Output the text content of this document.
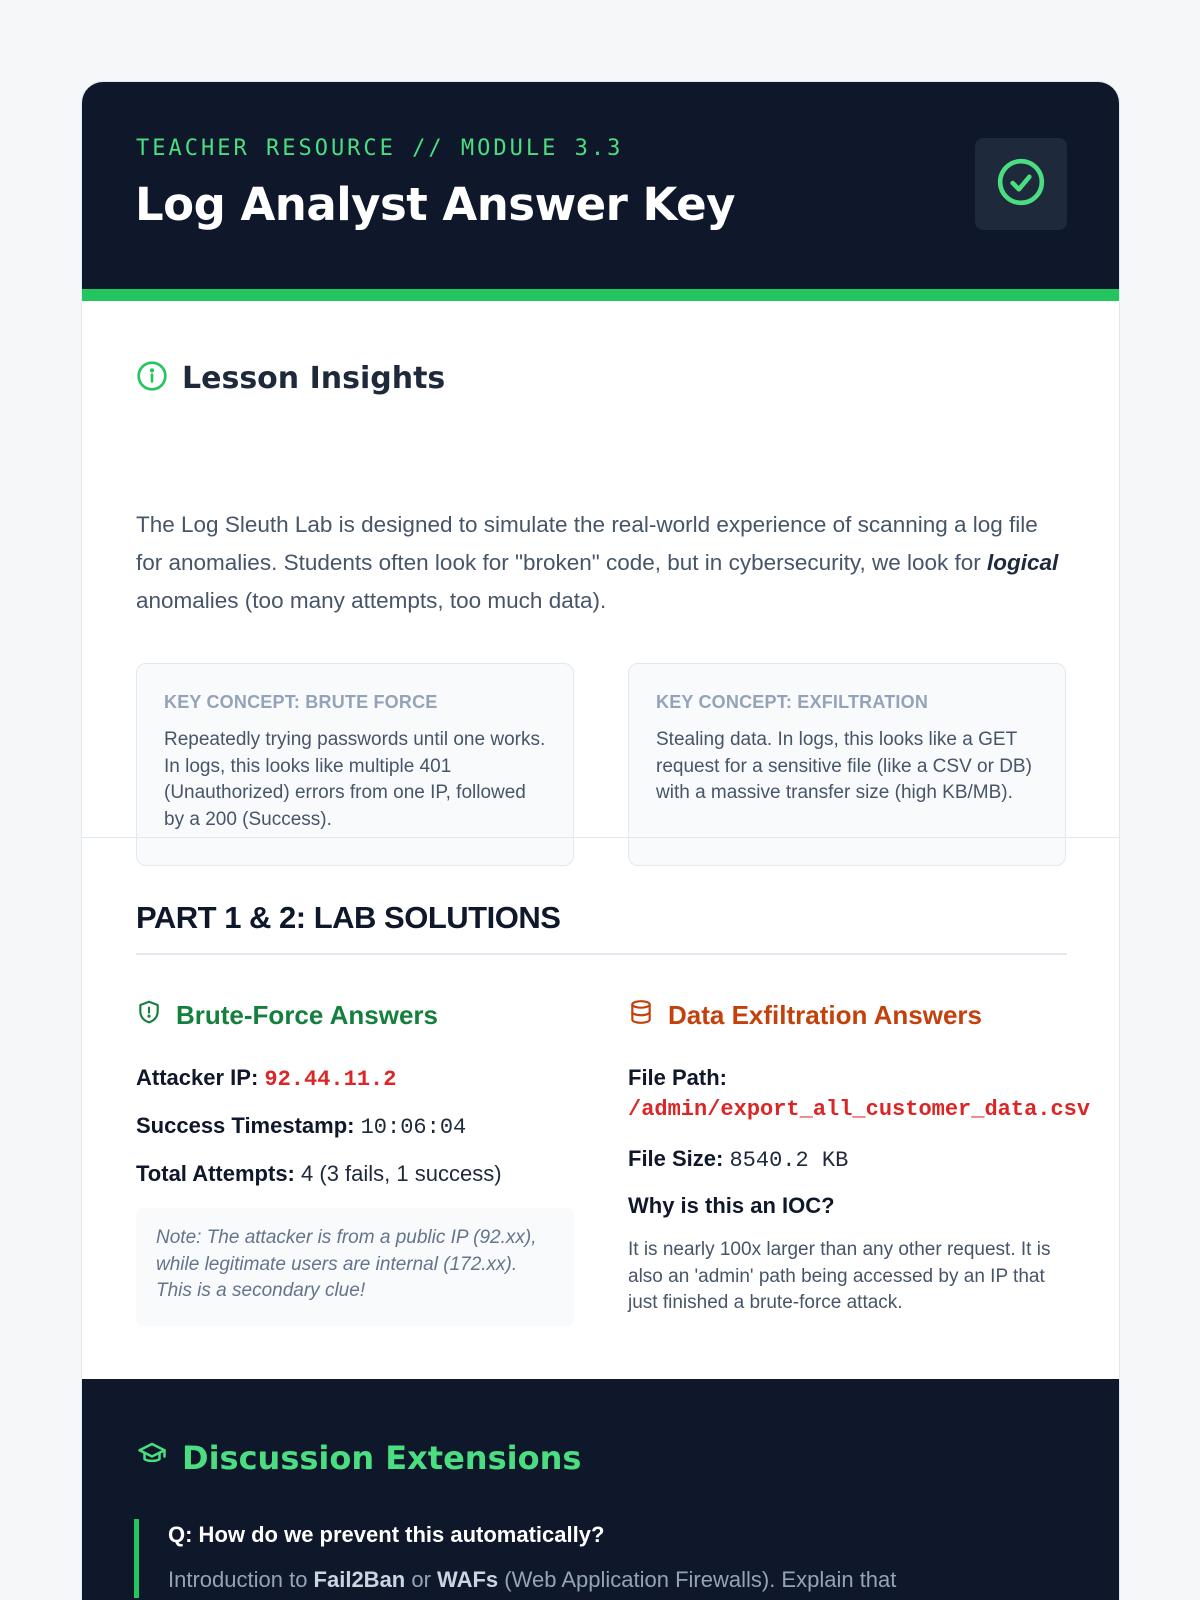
TEACHER RESOURCE // MODULE 3.3
Log Analyst Answer Key
Lesson Insights

The Log Sleuth Lab is designed to simulate the real-world experience of scanning a log file for anomalies. Students often look for "broken" code, but in cybersecurity, we look for logical anomalies (too many attempts, too much data).

KEY CONCEPT: BRUTE FORCE

Repeatedly trying passwords until one works. In logs, this looks like multiple 401 (Unauthorized) errors from one IP, followed by a 200 (Success).

KEY CONCEPT: EXFILTRATION

Stealing data. In logs, this looks like a GET request for a sensitive file (like a CSV or DB) with a massive transfer size (high KB/MB).

PART 1 & 2: LAB SOLUTIONS
Brute-Force Answers
Attacker IP: 92.44.11.2
Success Timestamp: 10:06:04
Total Attempts: 4 (3 fails, 1 success)
Note: The attacker is from a public IP (92.xx), while legitimate users are internal (172.xx). This is a secondary clue!
Data Exfiltration Answers
File Path:
/admin/export_all_customer_data.csv
File Size: 8540.2 KB
Why is this an IOC?
It is nearly 100x larger than any other request. It is also an 'admin' path being accessed by an IP that just finished a brute-force attack.
Discussion Extensions
Q: How do we prevent this automatically?
Introduction to Fail2Ban or WAFs (Web Application Firewalls). Explain that
